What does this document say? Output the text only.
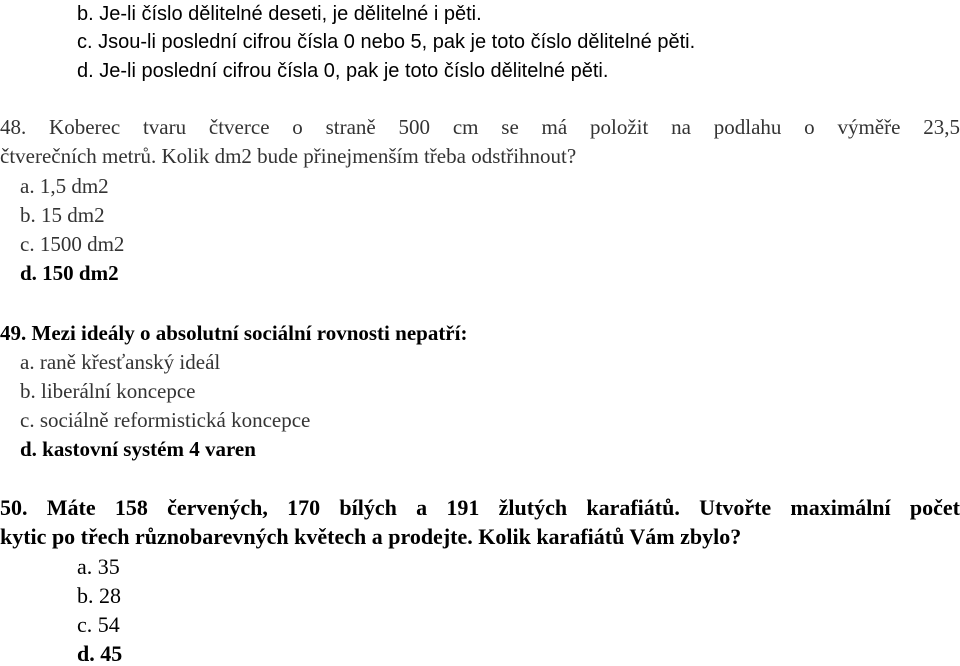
b. Je-li číslo dělitelné deseti, je dělitelné i pěti.

c. Jsou-li poslední cifrou čísla 0 nebo 5, pak je toto číslo dělitelné pěti.

d. Je-li poslední cifrou čísla 0, pak je toto číslo dělitelné pěti.

48. Koberec tvaru čtverce o straně 500 cm se má položit na podlahu o výměře 23,5

čtverečních metrů. Kolik dm2 bude přinejmenším třeba odstřihnout?

a. 1,5 dm2

b. 15 dm2

c. 1500 dm2

d. 150 dm2

49. Mezi ideály o absolutní sociální rovnosti nepatří:

a. raně křesťanský ideál

b. liberální koncepce

c. sociálně reformistická koncepce

d. kastovní systém 4 varen

50. Máte 158 červených, 170 bílých a 191 žlutých karafiátů. Utvořte maximální počet

kytic po třech různobarevných květech a prodejte. Kolik karafiátů Vám zbylo?

a. 35

b. 28

c. 54

d. 45
